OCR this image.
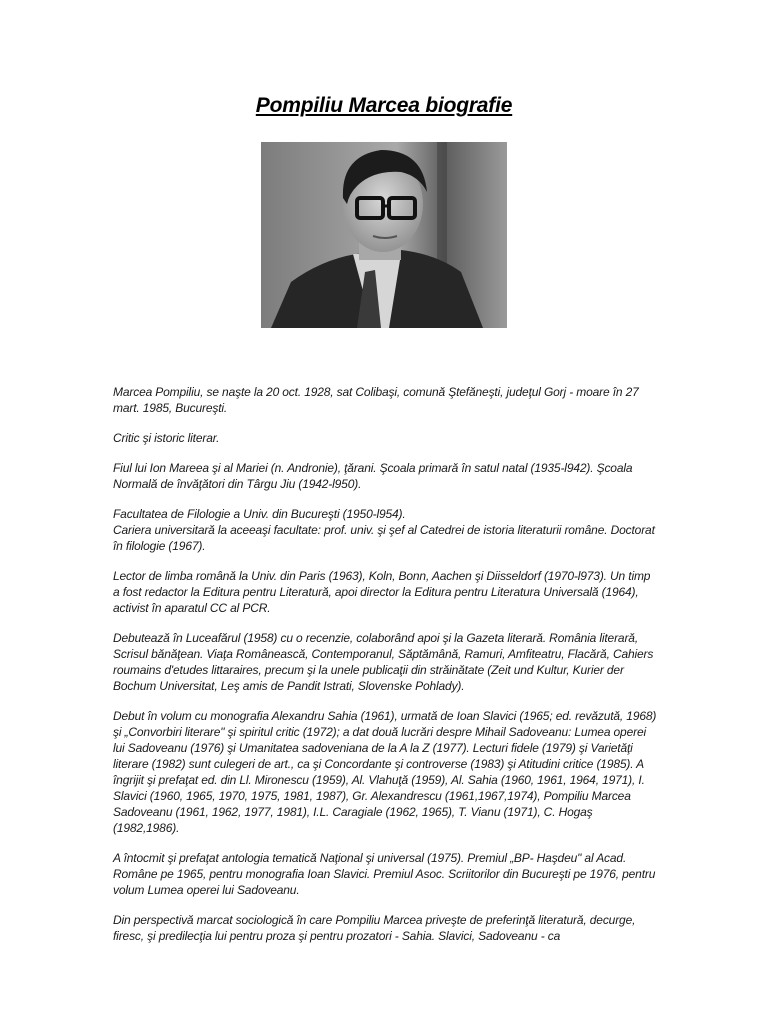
Pompiliu Marcea biografie

Marcea Pompiliu, se naşte la 20 oct. 1928, sat Colibaşi, comună Ştefăneşti, judeţul Gorj - moare în 27 mart. 1985, Bucureşti.

Critic şi istoric literar.

Fiul lui Ion Mareea şi al Mariei (n. Andronie), ţărani. Şcoala primară în satul natal (1935-l942). Şcoala Normală de învăţători din Târgu Jiu (1942-l950).

Facultatea de Filologie a Univ. din Bucureşti (1950-l954).

Cariera universitară la aceeaşi facultate: prof. univ. şi şef al Catedrei de istoria literaturii române. Doctorat în filologie (1967).

Lector de limba română la Univ. din Paris (1963), Koln, Bonn, Aachen şi Diisseldorf (1970-l973). Un timp a fost redactor la Editura pentru Literatură, apoi director la Editura pentru Literatura Universală (1964), activist în aparatul CC al PCR.

Debutează în Luceafărul (1958) cu o recenzie, colaborând apoi şi la Gazeta literară. România literară, Scrisul bănăţean. Viaţa Românească, Contemporanul, Săptămână, Ramuri, Amfiteatru, Flacără, Cahiers roumains d'etudes littaraires, precum şi la unele publicaţii din străinătate (Zeit und Kultur, Kurier der Bochum Universitat, Leş amis de Pandit Istrati, Slovenske Pohlady).

Debut în volum cu monografia Alexandru Sahia (1961), urmată de Ioan Slavici (1965; ed. revăzută, 1968) şi „Convorbiri literare" şi spiritul critic (1972); a dat două lucrări despre Mihail Sadoveanu: Lumea operei lui Sadoveanu (1976) şi Umanitatea sadoveniana de la A la Z (1977). Lecturi fidele (1979) şi Varietăţi literare (1982) sunt culegeri de art., ca şi Concordante şi controverse (1983) şi Atitudini critice (1985). A îngrijit şi prefaţat ed. din Ll. Mironescu (1959), Al. Vlahuţă (1959), Al. Sahia (1960, 1961, 1964, 1971), I. Slavici (1960, 1965, 1970, 1975, 1981, 1987), Gr. Alexandrescu (1961,1967,1974), Pompiliu Marcea Sadoveanu (1961, 1962, 1977, 1981), I.L. Caragiale (1962, 1965), T. Vianu (1971), C. Hogaş (1982,1986).

A întocmit şi prefaţat antologia tematică Naţional şi universal (1975). Premiul „BP- Haşdeu" al Acad. Române pe 1965, pentru monografia Ioan Slavici. Premiul Asoc. Scriitorilor din Bucureşti pe 1976, pentru volum Lumea operei lui Sadoveanu.

Din perspectivă marcat sociologică în care Pompiliu Marcea priveşte de preferinţă literatură, decurge, firesc, şi predilecţia lui pentru proza şi pentru prozatori - Sahia. Slavici, Sadoveanu - ca
